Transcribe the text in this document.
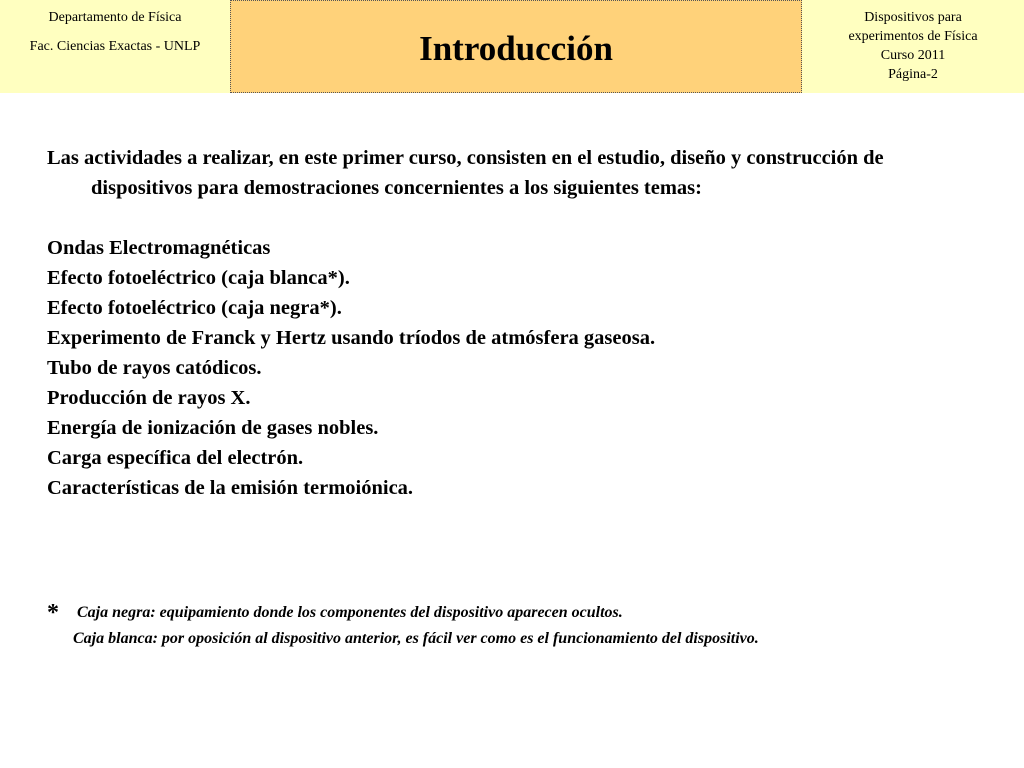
Departamento de Física
Fac. Ciencias Exactas - UNLP	Introducción
Dispositivos para
experimentos de Física
Curso 2011
Página-2

Las actividades a realizar, en este primer curso, consisten en el estudio, diseño y construcción de dispositivos para demostraciones concernientes a los siguientes temas:

Ondas Electromagnéticas
Efecto fotoeléctrico (caja blanca*).
Efecto fotoeléctrico (caja negra*).
Experimento de Franck y Hertz usando tríodos de atmósfera gaseosa.
Tubo de rayos catódicos.
Producción de rayos X.
Energía de ionización de gases nobles.
Carga específica del electrón.
Características de la emisión termoiónica.
* Caja negra: equipamiento donde los componentes del dispositivo aparecen ocultos.
Caja blanca: por oposición al dispositivo anterior, es fácil ver como es el funcionamiento del dispositivo.
